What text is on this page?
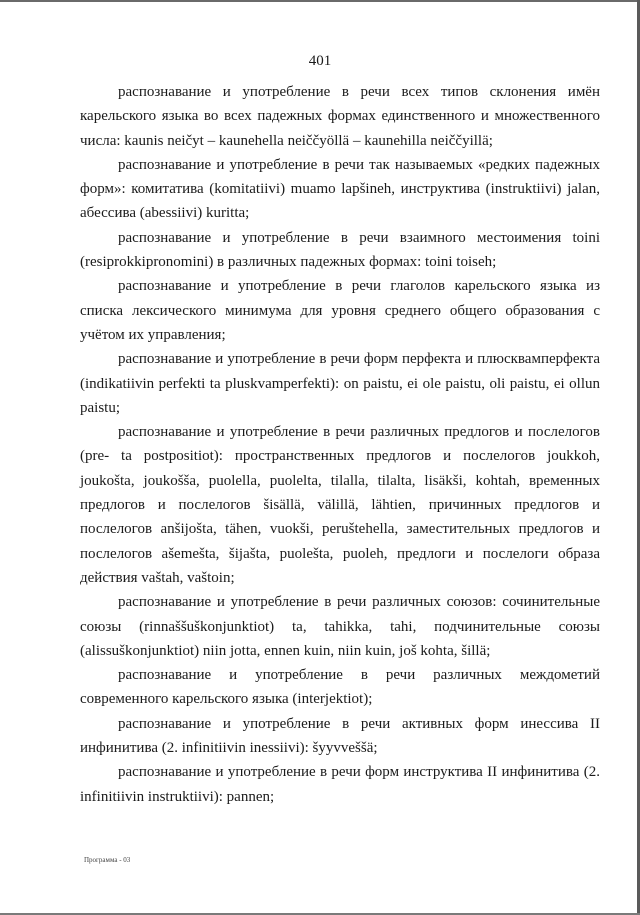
401

распознавание и употребление в речи всех типов склонения имён карельского языка во всех падежных формах единственного и множественного числа: kaunis neičyt – kaunehella neiččyöllä – kaunehilla neiččyillä;

распознавание и употребление в речи так называемых «редких падежных форм»: комитатива (komitatiivi) muamo lapšineh, инструктива (instruktiivi) jalan, абессива (abessiivi) kuritta;

распознавание и употребление в речи взаимного местоимения toini (resiprokkipronomini) в различных падежных формах: toini toiseh;

распознавание и употребление в речи глаголов карельского языка из списка лексического минимума для уровня среднего общего образования с учётом их управления;

распознавание и употребление в речи форм перфекта и плюсквамперфекта (indikatiivin perfekti ta pluskvamperfekti): on paistu, ei ole paistu, oli paistu, ei ollun paistu;

распознавание и употребление в речи различных предлогов и послелогов (pre- ta postpositiot): пространственных предлогов и послелогов joukkoh, joukošta, joukošša, puolella, puolelta, tilalla, tilalta, lisäkši, kohtah, временных предлогов и послелогов šisällä, välillä, lähtien, причинных предлогов и послелогов anšijošta, tähen, vuokši, peruštehella, заместительных предлогов и послелогов ašemešta, šijašta, puolešta, puoleh, предлоги и послелоги образа действия vaštah, vaštoin;

распознавание и употребление в речи различных союзов: сочинительные союзы (rinnaššuškonjunktiot) ta, tahikka, tahi, подчинительные союзы (alissuškonjunktiot) niin jotta, ennen kuin, niin kuin, još kohta, šillä;

распознавание и употребление в речи различных междометий современного карельского языка (interjektiot);

распознавание и употребление в речи активных форм инессива II инфинитива (2. infinitiivin inessiivi): šyyvveššä;

распознавание и употребление в речи форм инструктива II инфинитива (2. infinitiivin instruktiivi): pannen;

Программа - 03
